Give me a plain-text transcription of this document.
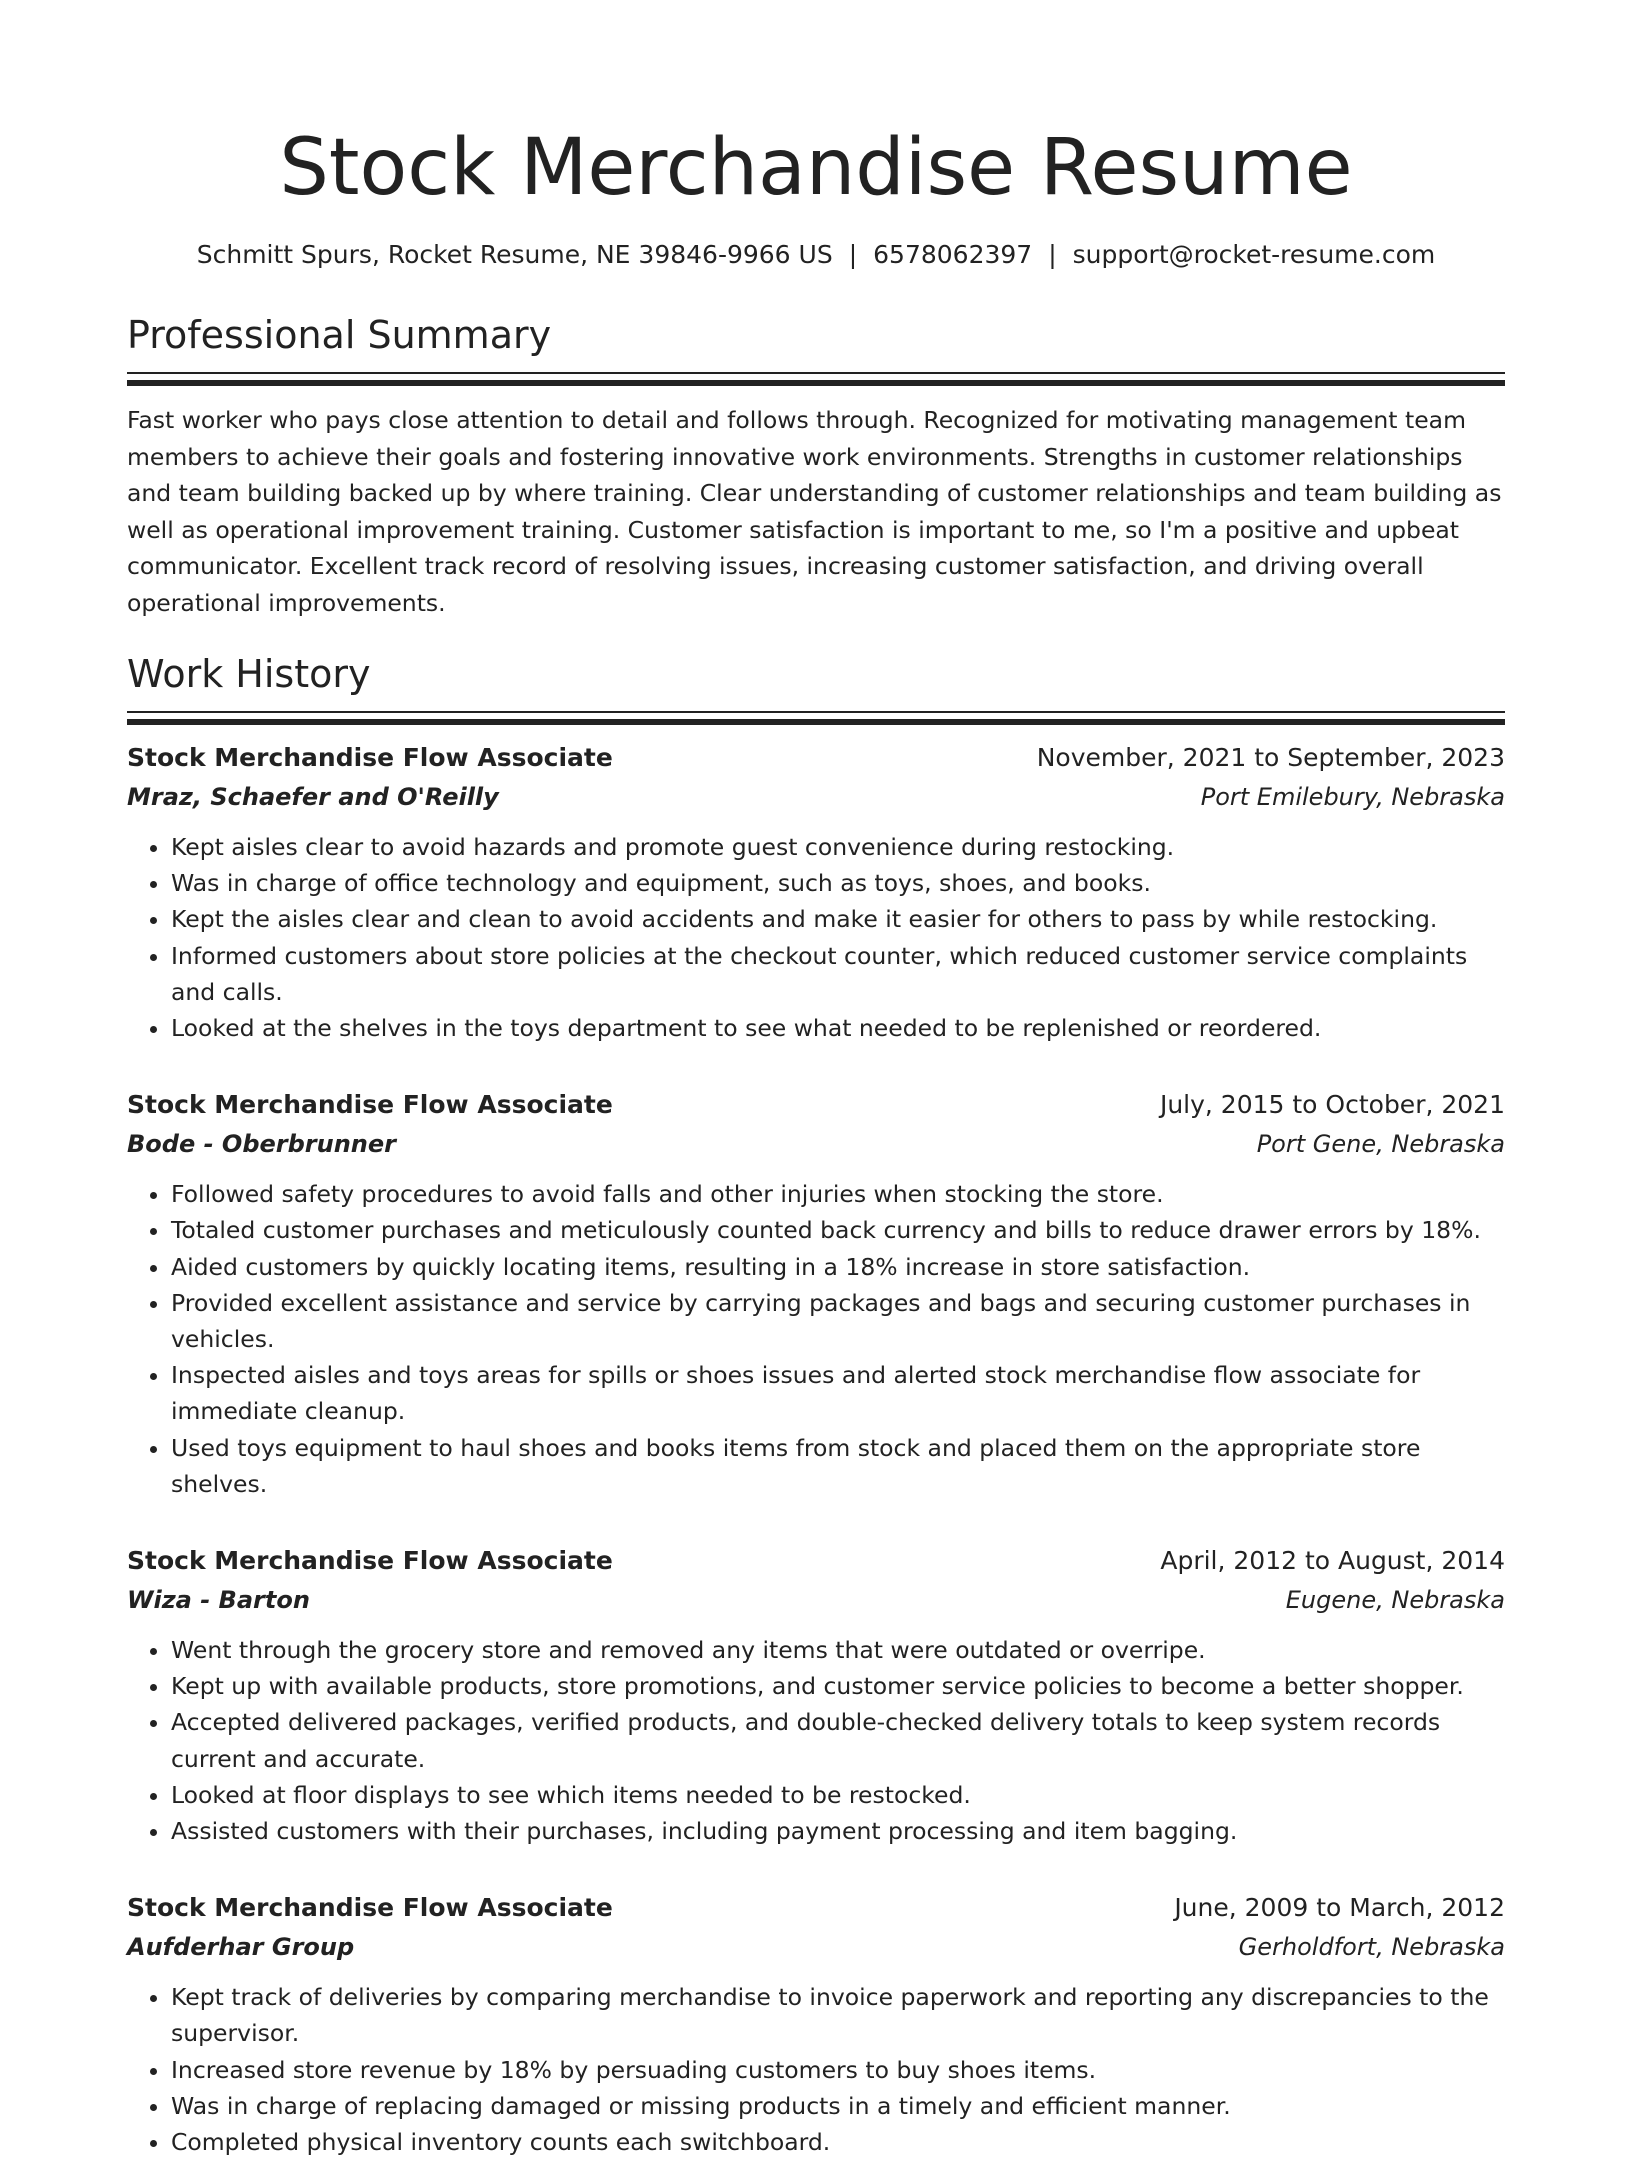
Stock Merchandise Resume
Schmitt Spurs, Rocket Resume, NE 39846-9966 US | 6578062397 | support@rocket-resume.com
Professional Summary

Fast worker who pays close attention to detail and follows through. Recognized for motivating management team members to achieve their goals and fostering innovative work environments. Strengths in customer relationships and team building backed up by where training. Clear understanding of customer relationships and team building as well as operational improvement training. Customer satisfaction is important to me, so I'm a positive and upbeat communicator. Excellent track record of resolving issues, increasing customer satisfaction, and driving overall operational improvements.

Work History
Stock Merchandise Flow Associate	November, 2021 to September, 2023
Mraz, Schaefer and O'Reilly	Port Emilebury, Nebraska
• Kept aisles clear to avoid hazards and promote guest convenience during restocking.
• Was in charge of office technology and equipment, such as toys, shoes, and books.
• Kept the aisles clear and clean to avoid accidents and make it easier for others to pass by while restocking.
• Informed customers about store policies at the checkout counter, which reduced customer service complaints and calls.
• Looked at the shelves in the toys department to see what needed to be replenished or reordered.
Stock Merchandise Flow Associate	July, 2015 to October, 2021
Bode - Oberbrunner	Port Gene, Nebraska
• Followed safety procedures to avoid falls and other injuries when stocking the store.
• Totaled customer purchases and meticulously counted back currency and bills to reduce drawer errors by 18%.
• Aided customers by quickly locating items, resulting in a 18% increase in store satisfaction.
• Provided excellent assistance and service by carrying packages and bags and securing customer purchases in vehicles.
• Inspected aisles and toys areas for spills or shoes issues and alerted stock merchandise flow associate for immediate cleanup.
• Used toys equipment to haul shoes and books items from stock and placed them on the appropriate store shelves.
Stock Merchandise Flow Associate	April, 2012 to August, 2014
Wiza - Barton	Eugene, Nebraska
• Went through the grocery store and removed any items that were outdated or overripe.
• Kept up with available products, store promotions, and customer service policies to become a better shopper.
• Accepted delivered packages, verified products, and double-checked delivery totals to keep system records current and accurate.
• Looked at floor displays to see which items needed to be restocked.
• Assisted customers with their purchases, including payment processing and item bagging.
Stock Merchandise Flow Associate	June, 2009 to March, 2012
Aufderhar Group	Gerholdfort, Nebraska
• Kept track of deliveries by comparing merchandise to invoice paperwork and reporting any discrepancies to the supervisor.
• Increased store revenue by 18% by persuading customers to buy shoes items.
• Was in charge of replacing damaged or missing products in a timely and efficient manner.
• Completed physical inventory counts each switchboard.
